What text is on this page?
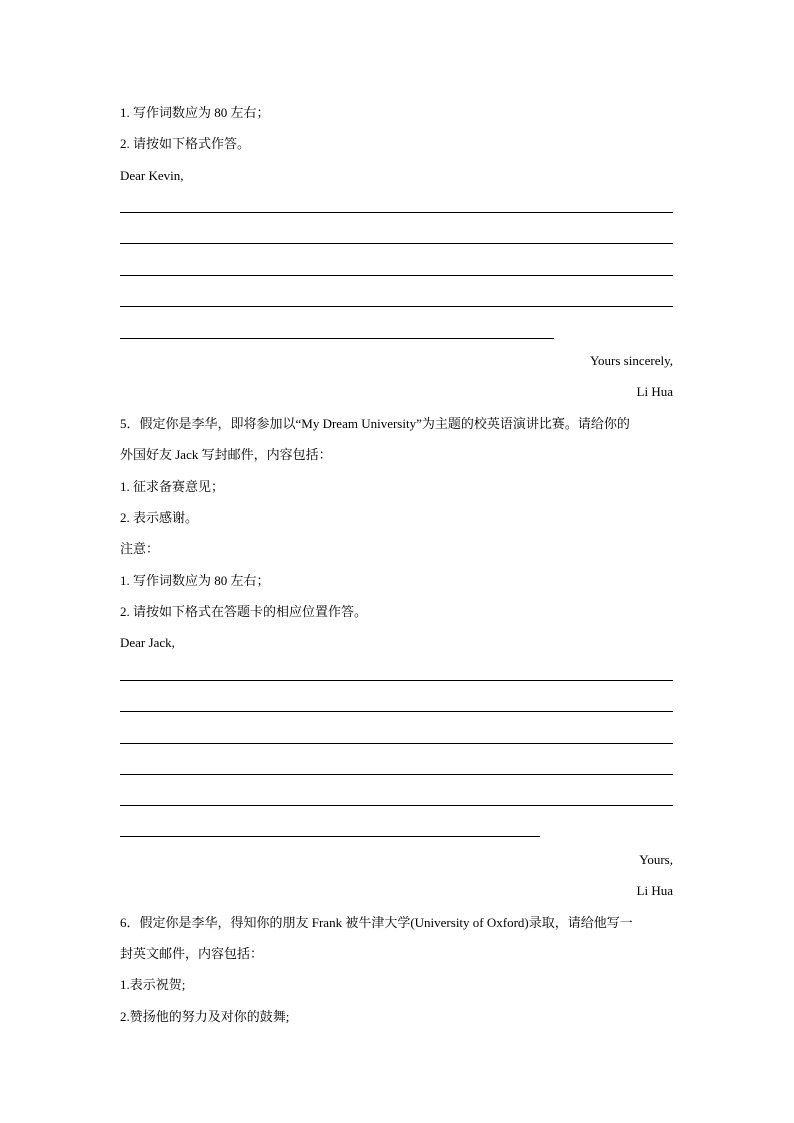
1. 写作词数应为 80 左右；
2. 请按如下格式作答。
Dear Kevin,
Yours sincerely,
Li Hua
5．假定你是李华，即将参加以“My Dream University”为主题的校英语演讲比赛。请给你的
外国好友 Jack 写封邮件，内容包括：
1. 征求备赛意见；
2. 表示感谢。
注意：
1. 写作词数应为 80 左右；
2. 请按如下格式在答题卡的相应位置作答。
Dear Jack,
Yours,
Li Hua
6．假定你是李华，得知你的朋友 Frank 被牛津大学(University of Oxford)录取，请给他写一
封英文邮件，内容包括：
1.表示祝贺;
2.赞扬他的努力及对你的鼓舞;
